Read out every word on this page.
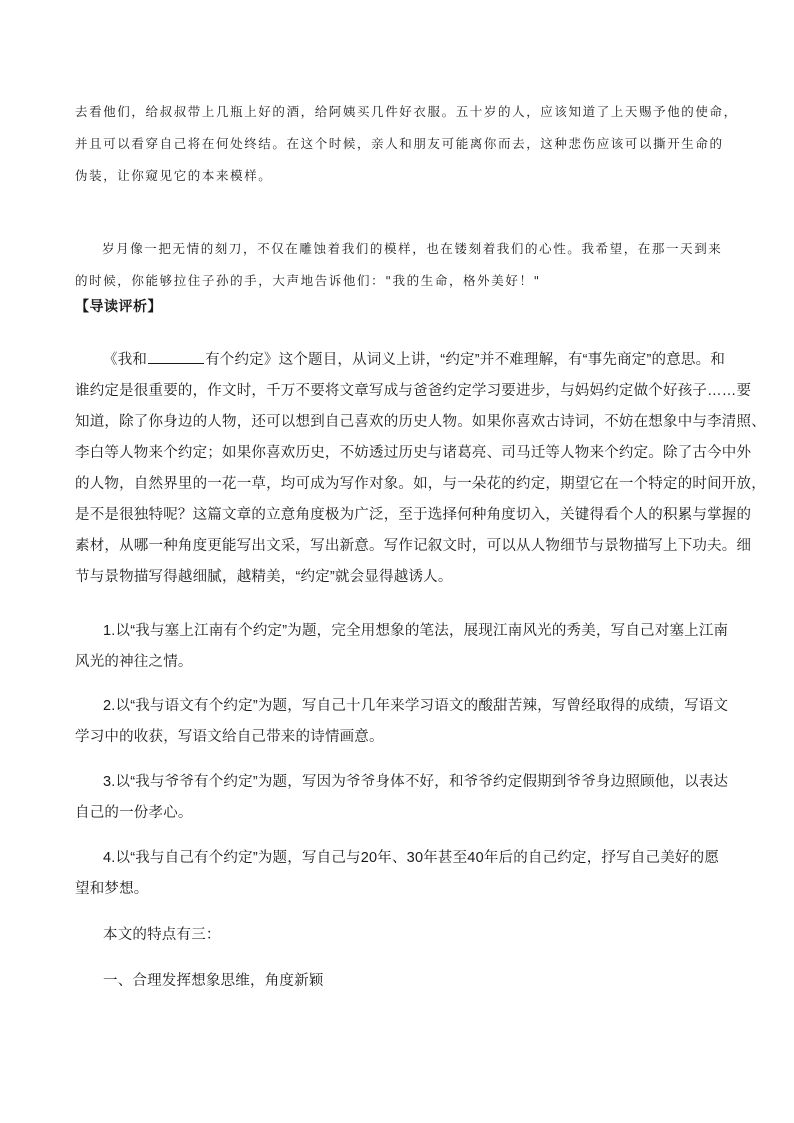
去看他们，给叔叔带上几瓶上好的酒，给阿姨买几件好衣服。五十岁的人，应该知道了上天赐予他的使命，
并且可以看穿自己将在何处终结。在这个时候，亲人和朋友可能离你而去，这种悲伤应该可以撕开生命的
伪装，让你窥见它的本来模样。
岁月像一把无情的刻刀，不仅在雕蚀着我们的模样，也在镂刻着我们的心性。我希望，在那一天到来
的时候，你能够拉住子孙的手，大声地告诉他们："我的生命，格外美好！"
【导读评析】
《我和	有个约定》这个题目，从词义上讲，“约定”并不难理解，有“事先商定”的意思。和
谁约定是很重要的，作文时，千万不要将文章写成与爸爸约定学习要进步，与妈妈约定做个好孩子……要
知道，除了你身边的人物，还可以想到自己喜欢的历史人物。如果你喜欢古诗词，不妨在想象中与李清照、
李白等人物来个约定；如果你喜欢历史，不妨透过历史与诸葛亮、司马迁等人物来个约定。除了古今中外
的人物，自然界里的一花一草，均可成为写作对象。如，与一朵花的约定，期望它在一个特定的时间开放，
是不是很独特呢？这篇文章的立意角度极为广泛，至于选择何种角度切入，关键得看个人的积累与掌握的
素材，从哪一种角度更能写出文采，写出新意。写作记叙文时，可以从人物细节与景物描写上下功夫。细
节与景物描写得越细腻，越精美，“约定”就会显得越诱人。
1.以“我与塞上江南有个约定”为题，完全用想象的笔法，展现江南风光的秀美，写自己对塞上江南
风光的神往之情。
2.以“我与语文有个约定”为题，写自己十几年来学习语文的酸甜苦辣，写曾经取得的成绩，写语文
学习中的收获，写语文给自己带来的诗情画意。
3.以“我与爷爷有个约定”为题，写因为爷爷身体不好，和爷爷约定假期到爷爷身边照顾他，以表达
自己的一份孝心。
4.以“我与自己有个约定”为题，写自己与20年、30年甚至40年后的自己约定，抒写自己美好的愿
望和梦想。
本文的特点有三：
一、合理发挥想象思维，角度新颖
